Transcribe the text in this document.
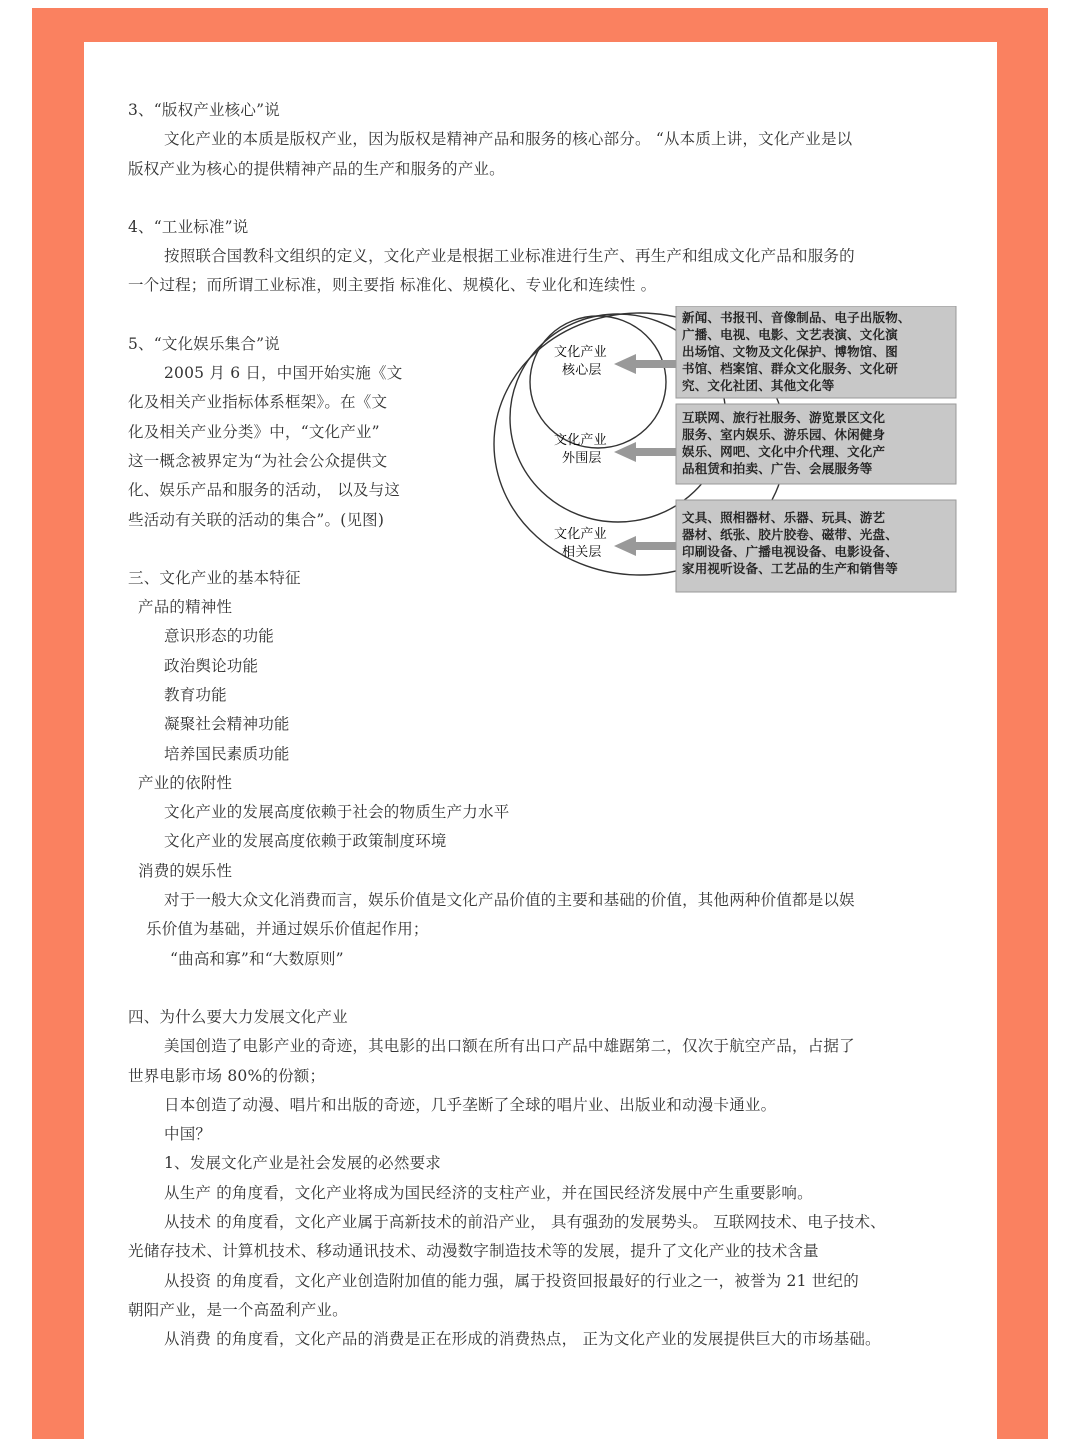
3、“版权产业核心”说

文化产业的本质是版权产业，因为版权是精神产品和服务的核心部分。 “从本质上讲，文化产业是以

版权产业为核心的提供精神产品的生产和服务的产业。

4、“工业标准”说

按照联合国教科文组织的定义，文化产业是根据工业标准进行生产、再生产和组成文化产品和服务的

一个过程；而所谓工业标准，则主要指 标准化、规模化、专业化和连续性 。

5、“文化娱乐集合”说

2005 月 6 日，中国开始实施《文

化及相关产业指标体系框架》。在《文

化及相关产业分类》中，“文化产业”

这一概念被界定为“为社会公众提供文

化、娱乐产品和服务的活动， 以及与这

些活动有关联的活动的集合”。(见图)

文化产业
核心层
文化产业
外围层
文化产业
相关层
新闻、书报刊、音像制品、电子出版物、
广播、电视、电影、文艺表演、文化演
出场馆、文物及文化保护、博物馆、图
书馆、档案馆、群众文化服务、文化研
究、文化社团、其他文化等
互联网、旅行社服务、游览景区文化
服务、室内娱乐、游乐园、休闲健身
娱乐、网吧、文化中介代理、文化产
品租赁和拍卖、广告、会展服务等
文具、照相器材、乐器、玩具、游艺
器材、纸张、胶片胶卷、磁带、光盘、
印刷设备、广播电视设备、电影设备、
家用视听设备、工艺品的生产和销售等

三、文化产业的基本特征

产品的精神性

意识形态的功能

政治舆论功能

教育功能

凝聚社会精神功能

培养国民素质功能

产业的依附性

文化产业的发展高度依赖于社会的物质生产力水平

文化产业的发展高度依赖于政策制度环境

消费的娱乐性

对于一般大众文化消费而言，娱乐价值是文化产品价值的主要和基础的价值，其他两种价值都是以娱

乐价值为基础，并通过娱乐价值起作用；

“曲高和寡”和“大数原则”

四、为什么要大力发展文化产业

美国创造了电影产业的奇迹，其电影的出口额在所有出口产品中雄踞第二，仅次于航空产品，占据了

世界电影市场 80%的份额；

日本创造了动漫、唱片和出版的奇迹，几乎垄断了全球的唱片业、出版业和动漫卡通业。

中国？

1、发展文化产业是社会发展的必然要求

从生产 的角度看，文化产业将成为国民经济的支柱产业，并在国民经济发展中产生重要影响。

从技术 的角度看，文化产业属于高新技术的前沿产业， 具有强劲的发展势头。 互联网技术、电子技术、

光储存技术、计算机技术、移动通讯技术、动漫数字制造技术等的发展，提升了文化产业的技术含量

从投资 的角度看，文化产业创造附加值的能力强，属于投资回报最好的行业之一，被誉为 21 世纪的

朝阳产业，是一个高盈利产业。

从消费 的角度看，文化产品的消费是正在形成的消费热点， 正为文化产业的发展提供巨大的市场基础。
